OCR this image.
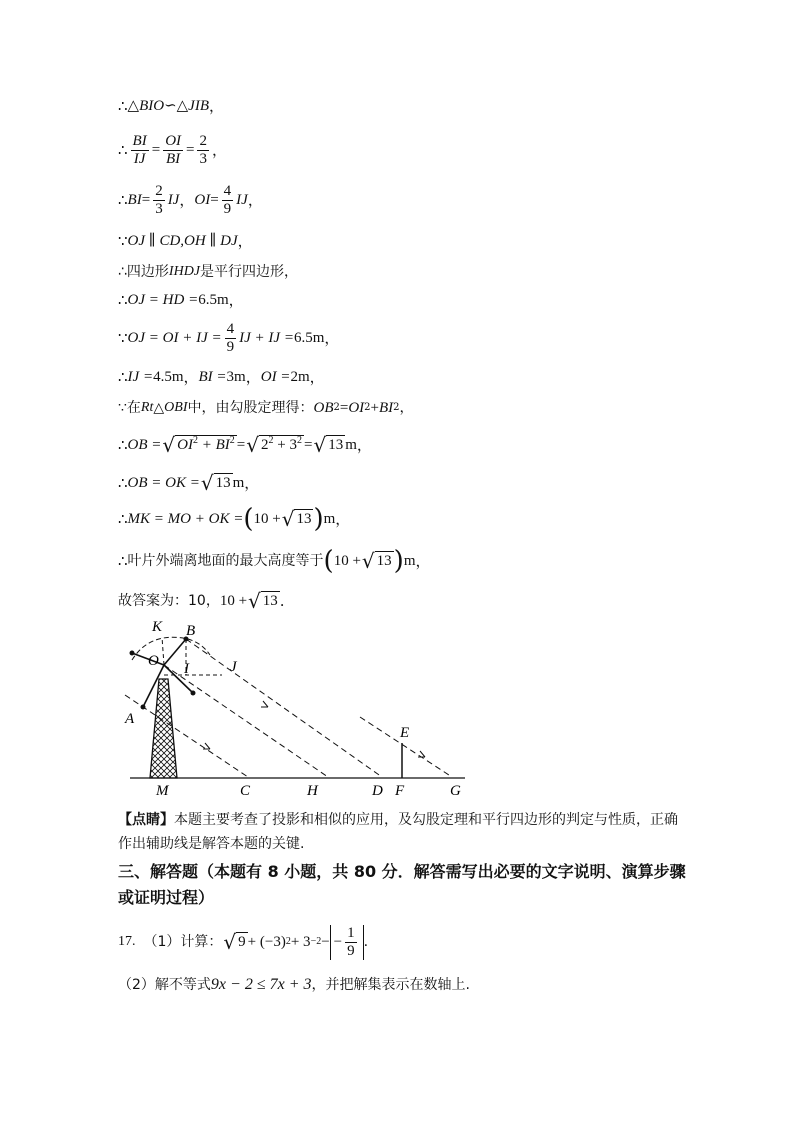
∴ △BIO∽△JIB ，
∴ $\frac{BI}{IJ} = \frac{OI}{BI} = \frac{2}{3}$ ，
∴ BI = $\frac{2}{3}$ IJ ， OI = $\frac{4}{9}$ IJ ，
∵ OJ ∥ CD,OH ∥ DJ ，
∴ 四边形 IHDJ 是平行四边形，
∴ OJ = HD = 6.5m ，
∵ OJ = OI + IJ = $\frac{4}{9}$ IJ + IJ = 6.5m ，
∴ IJ = 4.5m ， BI = 3m ， OI = 2m ，
∵ 在 Rt △ OBI 中，由勾股定理得： OB 2 = OI 2 + BI 2 ，
∴ OB = √ $OI^2 + BI^2$ = √ $2^2 + 3^2$ = √ 13 m ，
∴ OB = OK = √ 13 m ，
∴ MK = MO + OK = ( 10 + √ 13 ) m ，
∴ 叶片外端离地面的最大高度等于 ( 10 + √ 13 ) m ，
故答案为：10， 10 + √ 13 .
K B
O	J
I
A
E
M	C	H	D F	G
【点睛】本题主要考查了投影和相似的应用，及勾股定理和平行四边形的判定与性质，正确作出辅助线是解答本题的关键.
三、解答题（本题有 8 小题，共 80 分．解答需写出必要的文字说明、演算步骤或证明过程）
17. （1）计算： √ 9 + (−3) 2 + 3 −2 − − $\frac{1}{9}$ .
（2）解不等式 9x − 2 ≤ 7x + 3 ，并把解集表示在数轴上.
